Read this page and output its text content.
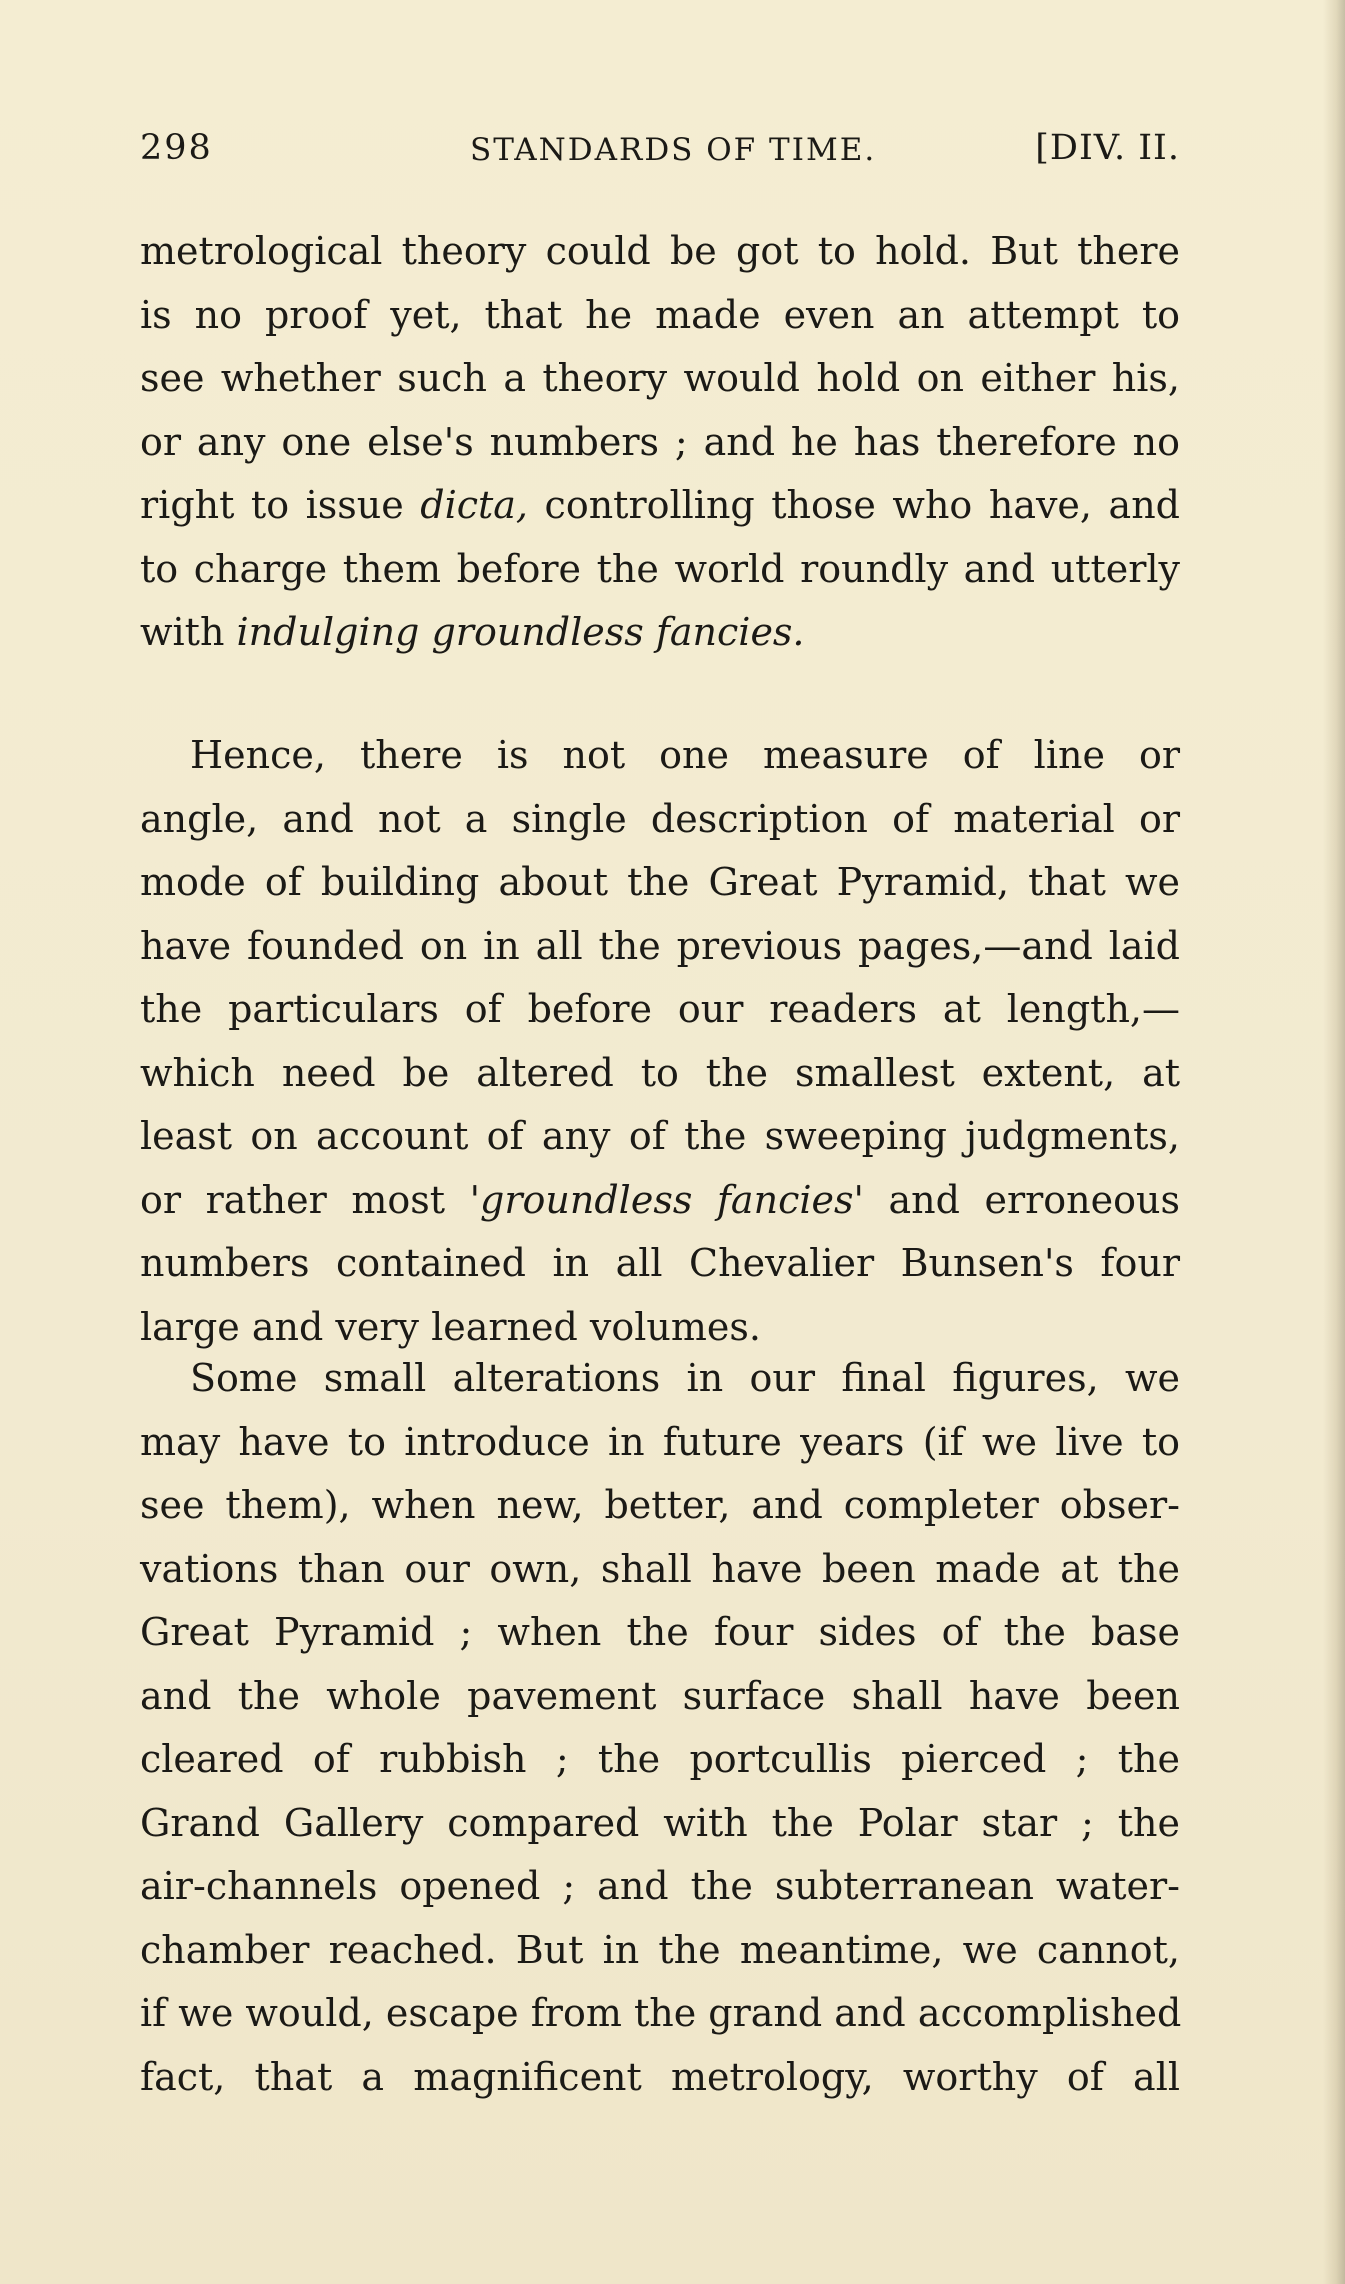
298	STANDARDS OF TIME.	[DIV. II.
metrological theory could be got to hold. But there
is no proof yet, that he made even an attempt to
see whether such a theory would hold on either his,
or any one else's numbers ; and he has therefore no
right to issue dicta, controlling those who have, and
to charge them before the world roundly and utterly
with indulging groundless fancies.
Hence, there is not one measure of line or
angle, and not a single description of material or
mode of building about the Great Pyramid, that we
have founded on in all the previous pages,—and laid
the particulars of before our readers at length,—
which need be altered to the smallest extent, at
least on account of any of the sweeping judgments,
or rather most 'groundless fancies' and erroneous
numbers contained in all Chevalier Bunsen's four
large and very learned volumes.
Some small alterations in our final figures, we
may have to introduce in future years (if we live to
see them), when new, better, and completer obser-
vations than our own, shall have been made at the
Great Pyramid ; when the four sides of the base
and the whole pavement surface shall have been
cleared of rubbish ; the portcullis pierced ; the
Grand Gallery compared with the Polar star ; the
air-channels opened ; and the subterranean water-
chamber reached. But in the meantime, we cannot,
if we would, escape from the grand and accomplished
fact, that a magnificent metrology, worthy of all
